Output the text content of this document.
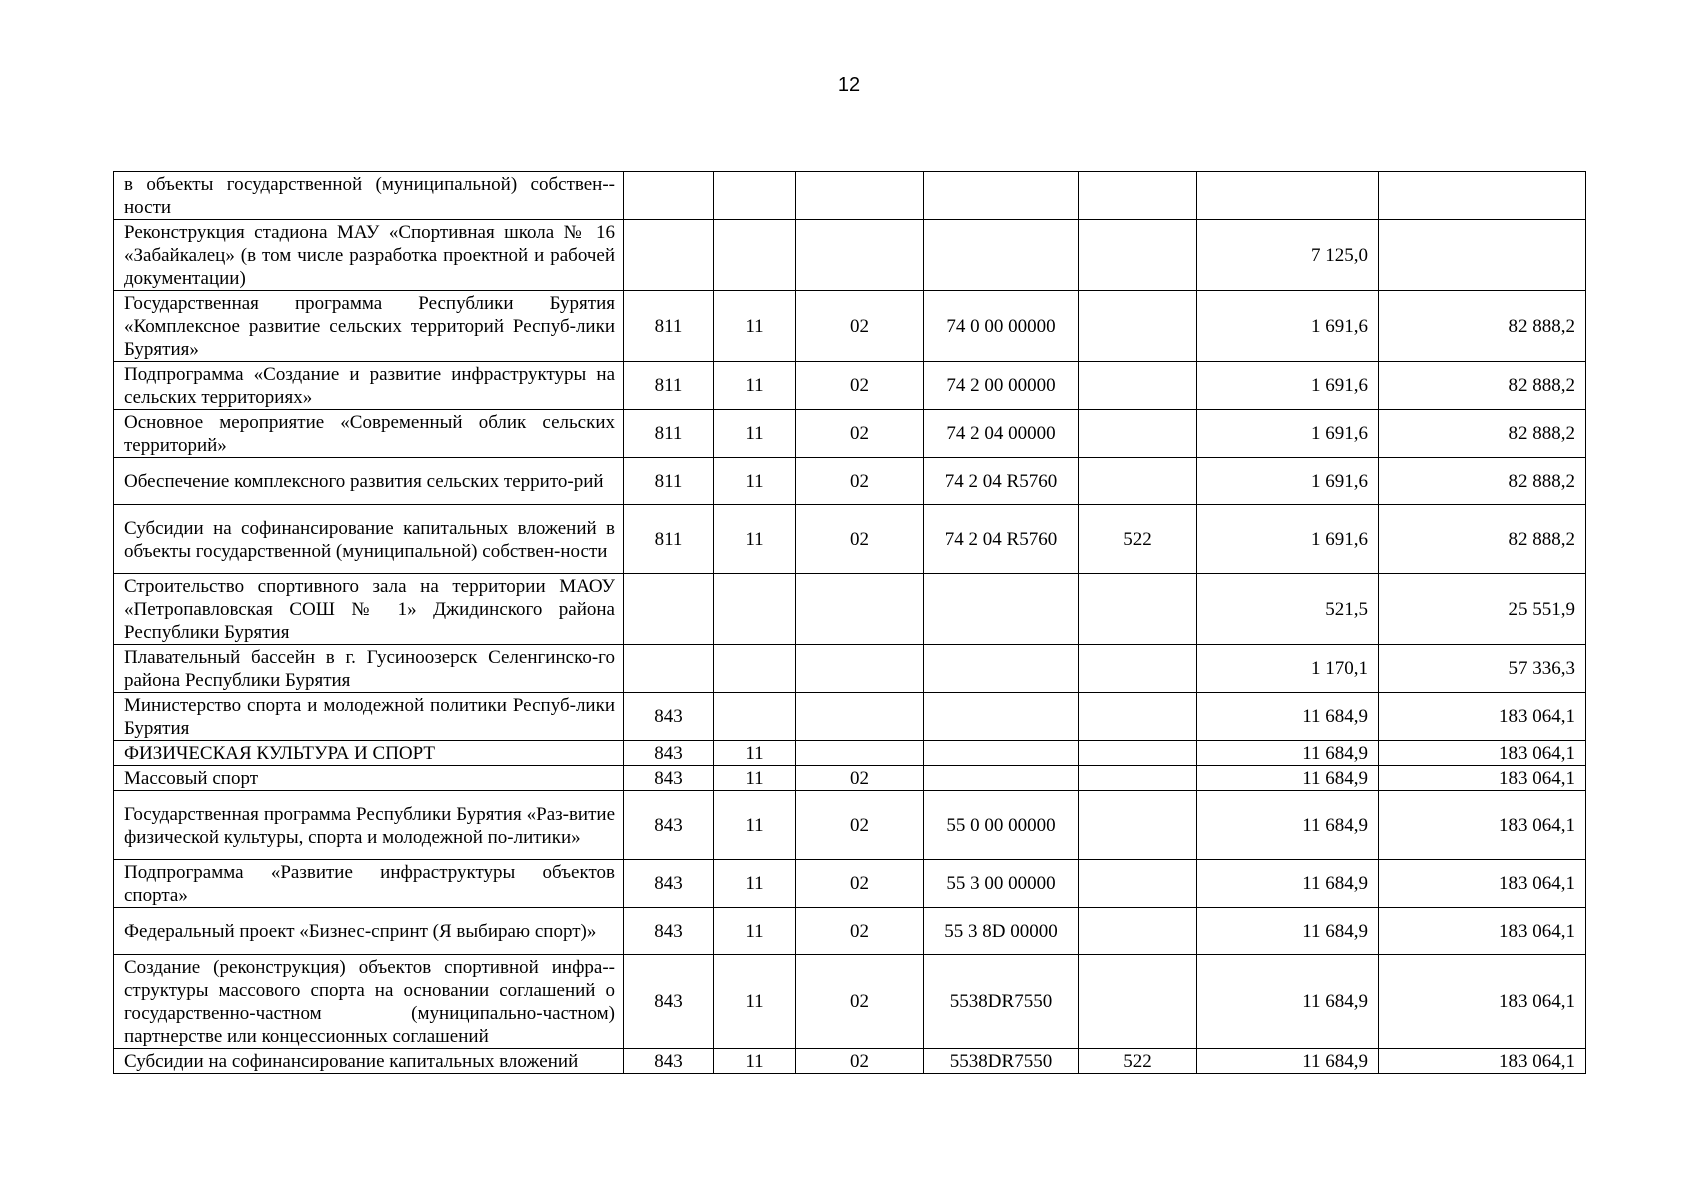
12
в объекты государственной (муниципальной) собствен-ности							
Реконструкция стадиона МАУ «Спортивная школа № 16 «Забайкалец» (в том числе разработка проектной и рабочей документации)						7 125,0	
Государственная программа Республики Бурятия «Комплексное развитие сельских территорий Респуб-лики Бурятия»	811	11	02	74 0 00 00000		1 691,6	82 888,2
Подпрограмма «Создание и развитие инфраструктуры на сельских территориях»	811	11	02	74 2 00 00000		1 691,6	82 888,2
Основное мероприятие «Современный облик сельских территорий»	811	11	02	74 2 04 00000		1 691,6	82 888,2
Обеспечение комплексного развития сельских террито-рий	811	11	02	74 2 04 R5760		1 691,6	82 888,2
Субсидии на софинансирование капитальных вложений в объекты государственной (муниципальной) собствен-ности	811	11	02	74 2 04 R5760	522	1 691,6	82 888,2
Строительство спортивного зала на территории МАОУ «Петропавловская СОШ № 1» Джидинского района Республики Бурятия						521,5	25 551,9
Плавательный бассейн в г. Гусиноозерск Селенгинско-го района Республики Бурятия						1 170,1	57 336,3
Министерство спорта и молодежной политики Респуб-лики Бурятия	843					11 684,9	183 064,1
ФИЗИЧЕСКАЯ КУЛЬТУРА И СПОРТ	843	11				11 684,9	183 064,1
Массовый спорт	843	11	02			11 684,9	183 064,1
Государственная программа Республики Бурятия «Раз-витие физической культуры, спорта и молодежной по-литики»	843	11	02	55 0 00 00000		11 684,9	183 064,1
Подпрограмма «Развитие инфраструктуры объектов спорта»	843	11	02	55 3 00 00000		11 684,9	183 064,1
Федеральный проект «Бизнес-спринт (Я выбираю спорт)»	843	11	02	55 3 8D 00000		11 684,9	183 064,1
Создание (реконструкция) объектов спортивной инфра-структуры массового спорта на основании соглашений о государственно-частном (муниципально-частном) партнерстве или концессионных соглашений	843	11	02	5538DR7550		11 684,9	183 064,1
Субсидии на софинансирование капитальных вложений	843	11	02	5538DR7550	522	11 684,9	183 064,1
